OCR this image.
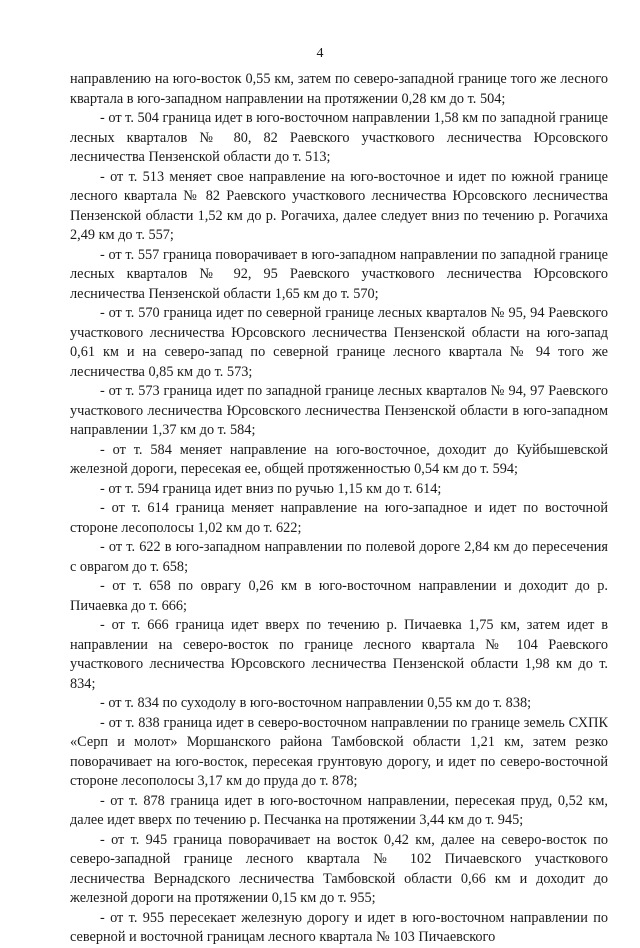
4

направлению на юго-восток 0,55 км, затем по северо-западной границе того же лесного квартала в юго-западном направлении на протяжении 0,28 км до т. 504;

- от т. 504 граница идет в юго-восточном направлении 1,58 км по западной границе лесных кварталов № 80, 82 Раевского участкового лесничества Юрсовского лесничества Пензенской области до т. 513;

- от т. 513 меняет свое направление на юго-восточное и идет по южной границе лесного квартала № 82 Раевского участкового лесничества Юрсовского лесничества Пензенской области 1,52 км до р. Рогачиха, далее следует вниз по течению р. Рогачиха 2,49 км до т. 557;

- от т. 557 граница поворачивает в юго-западном направлении по западной границе лесных кварталов № 92, 95 Раевского участкового лесничества Юрсовского лесничества Пензенской области 1,65 км до т. 570;

- от т. 570 граница идет по северной границе лесных кварталов № 95, 94 Раевского участкового лесничества Юрсовского лесничества Пензенской области на юго-запад 0,61 км и на северо-запад по северной границе лесного квартала № 94 того же лесничества 0,85 км до т. 573;

- от т. 573 граница идет по западной границе лесных кварталов № 94, 97 Раевского участкового лесничества Юрсовского лесничества Пензенской области в юго-западном направлении 1,37 км до т. 584;

- от т. 584 меняет направление на юго-восточное, доходит до Куйбышевской железной дороги, пересекая ее, общей протяженностью 0,54 км до т. 594;

- от т. 594 граница идет вниз по ручью 1,15 км до т. 614;

- от т. 614 граница меняет направление на юго-западное и идет по восточной стороне лесополосы 1,02 км до т. 622;

- от т. 622 в юго-западном направлении по полевой дороге 2,84 км до пересечения с оврагом до т. 658;

- от т. 658 по оврагу 0,26 км в юго-восточном направлении и доходит до р. Пичаевка до т. 666;

- от т. 666 граница идет вверх по течению р. Пичаевка 1,75 км, затем идет в направлении на северо-восток по границе лесного квартала № 104 Раевского участкового лесничества Юрсовского лесничества Пензенской области 1,98 км до т. 834;

- от т. 834 по суходолу в юго-восточном направлении 0,55 км до т. 838;

- от т. 838 граница идет в северо-восточном направлении по границе земель СХПК «Серп и молот» Моршанского района Тамбовской области 1,21 км, затем резко поворачивает на юго-восток, пересекая грунтовую дорогу, и идет по северо-восточной стороне лесополосы 3,17 км до пруда до т. 878;

- от т. 878 граница идет в юго-восточном направлении, пересекая пруд, 0,52 км, далее идет вверх по течению р. Песчанка на протяжении 3,44 км до т. 945;

- от т. 945 граница поворачивает на восток 0,42 км, далее на северо-восток по северо-западной границе лесного квартала № 102 Пичаевского участкового лесничества Вернадского лесничества Тамбовской области 0,66 км и доходит до железной дороги на протяжении 0,15 км до т. 955;

- от т. 955 пересекает железную дорогу и идет в юго-восточном направлении по северной и восточной границам лесного квартала № 103 Пичаевского
